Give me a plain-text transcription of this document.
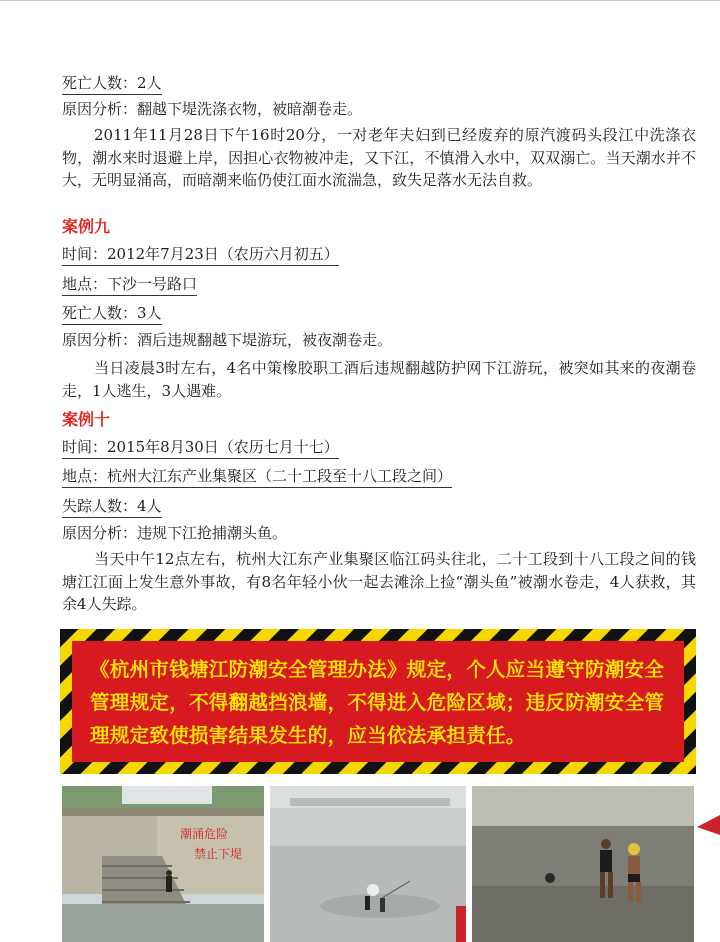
死亡人数：2人
原因分析：翻越下堤洗涤衣物，被暗潮卷走。
2011年11月28日下午16时20分，一对老年夫妇到已经废弃的原汽渡码头段江中洗涤衣物，潮水来时退避上岸，因担心衣物被冲走，又下江，不慎滑入水中，双双溺亡。当天潮水并不大，无明显涌高，而暗潮来临仍使江面水流湍急，致失足落水无法自救。
案例九
时间：2012年7月23日（农历六月初五）
地点：下沙一号路口
死亡人数：3人
原因分析：酒后违规翻越下堤游玩，被夜潮卷走。
当日凌晨3时左右，4名中策橡胶职工酒后违规翻越防护网下江游玩，被突如其来的夜潮卷走，1人逃生，3人遇难。
案例十
时间：2015年8月30日（农历七月十七）
地点：杭州大江东产业集聚区（二十工段至十八工段之间）
失踪人数：4人
原因分析：违规下江抢捕潮头鱼。
当天中午12点左右，杭州大江东产业集聚区临江码头往北，二十工段到十八工段之间的钱塘江江面上发生意外事故，有8名年轻小伙一起去滩涂上捡“潮头鱼”被潮水卷走，4人获救，其余4人失踪。
《杭州市钱塘江防潮安全管理办法》规定，个人应当遵守防潮安全管理规定，不得翻越挡浪墙，不得进入危险区域；违反防潮安全管理规定致使损害结果发生的，应当依法承担责任。
潮涌危险
禁止下堤
